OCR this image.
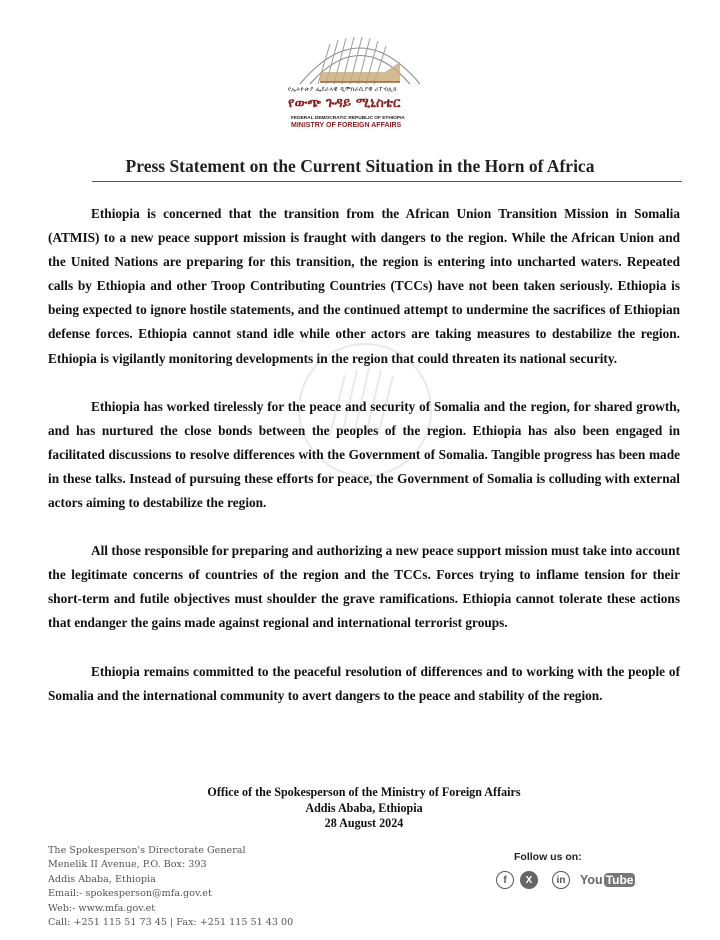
የኢትዮጵያ ፌደራላዊ ዲሞክራሲያዊ ሪፐብሊክ
የውጭ ጉዳይ ሚኒስቴር
FEDERAL DEMOCRATIC REPUBLIC OF ETHIOPIA
MINISTRY OF FOREIGN AFFAIRS
Press Statement on the Current Situation in the Horn of Africa

Ethiopia is concerned that the transition from the African Union Transition Mission in Somalia (ATMIS) to a new peace support mission is fraught with dangers to the region. While the African Union and the United Nations are preparing for this transition, the region is entering into uncharted waters. Repeated calls by Ethiopia and other Troop Contributing Countries (TCCs) have not been taken seriously. Ethiopia is being expected to ignore hostile statements, and the continued attempt to undermine the sacrifices of Ethiopian defense forces. Ethiopia cannot stand idle while other actors are taking measures to destabilize the region. Ethiopia is vigilantly monitoring developments in the region that could threaten its national security.

Ethiopia has worked tirelessly for the peace and security of Somalia and the region, for shared growth, and has nurtured the close bonds between the peoples of the region. Ethiopia has also been engaged in facilitated discussions to resolve differences with the Government of Somalia. Tangible progress has been made in these talks. Instead of pursuing these efforts for peace, the Government of Somalia is colluding with external actors aiming to destabilize the region.

All those responsible for preparing and authorizing a new peace support mission must take into account the legitimate concerns of countries of the region and the TCCs. Forces trying to inflame tension for their short-term and futile objectives must shoulder the grave ramifications. Ethiopia cannot tolerate these actions that endanger the gains made against regional and international terrorist groups.

Ethiopia remains committed to the peaceful resolution of differences and to working with the people of Somalia and the international community to avert dangers to the peace and stability of the region.

Office of the Spokesperson of the Ministry of Foreign Affairs
Addis Ababa, Ethiopia
28 August 2024
The Spokesperson's Directorate General
Menelik II Avenue, P.O. Box: 393
Addis Ababa, Ethiopia
Email:- spokesperson@mfa.gov.et
Web:- www.mfa.gov.et
Call: +251 115 51 73 45 | Fax: +251 115 51 43 00
Follow us on:
f	X	in	You Tube
